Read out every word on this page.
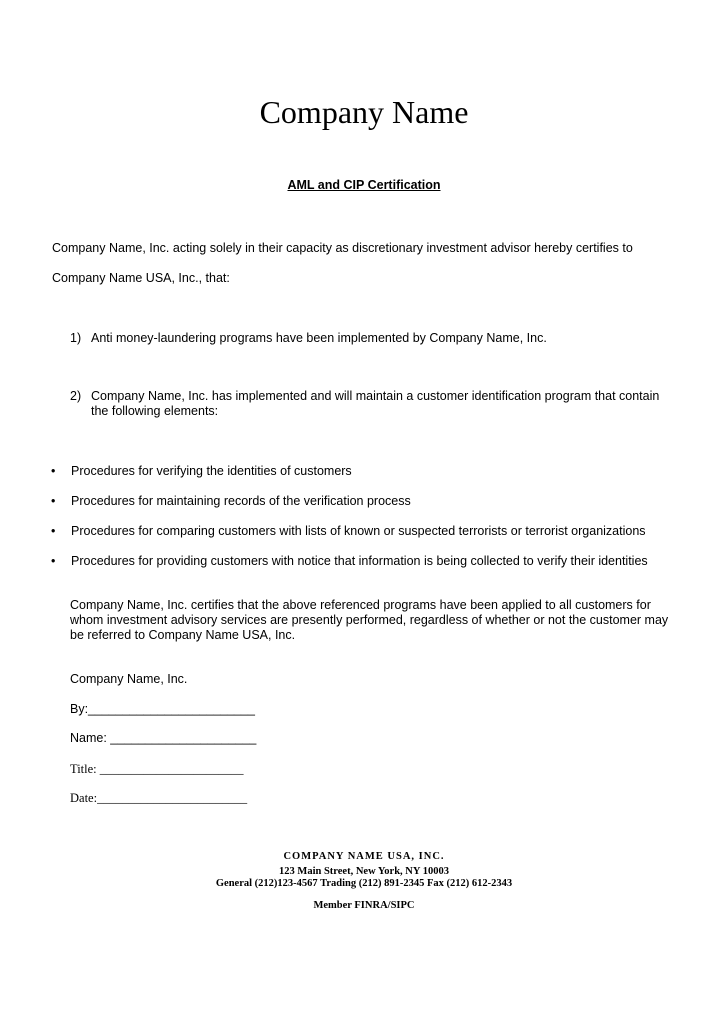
Company Name
AML and CIP Certification
Company Name, Inc. acting solely in their capacity as discretionary investment advisor hereby certifies to
Company Name USA, Inc., that:
1) Anti money-laundering programs have been implemented by Company Name, Inc.
2) Company Name, Inc. has implemented and will maintain a customer identification program that contain
the following elements:
• Procedures for verifying the identities of customers
• Procedures for maintaining records of the verification process
• Procedures for comparing customers with lists of known or suspected terrorists or terrorist organizations
• Procedures for providing customers with notice that information is being collected to verify their identities
Company Name, Inc. certifies that the above referenced programs have been applied to all customers for
whom investment advisory services are presently performed, regardless of whether or not the customer may
be referred to Company Name USA, Inc.
Company Name, Inc.
By:________________________
Name: _____________________
Title: _______________________
Date:________________________
COMPANY NAME USA, INC.
123 Main Street, New York, NY 10003
General (212)123-4567 Trading (212) 891-2345 Fax (212) 612-2343
Member FINRA/SIPC
